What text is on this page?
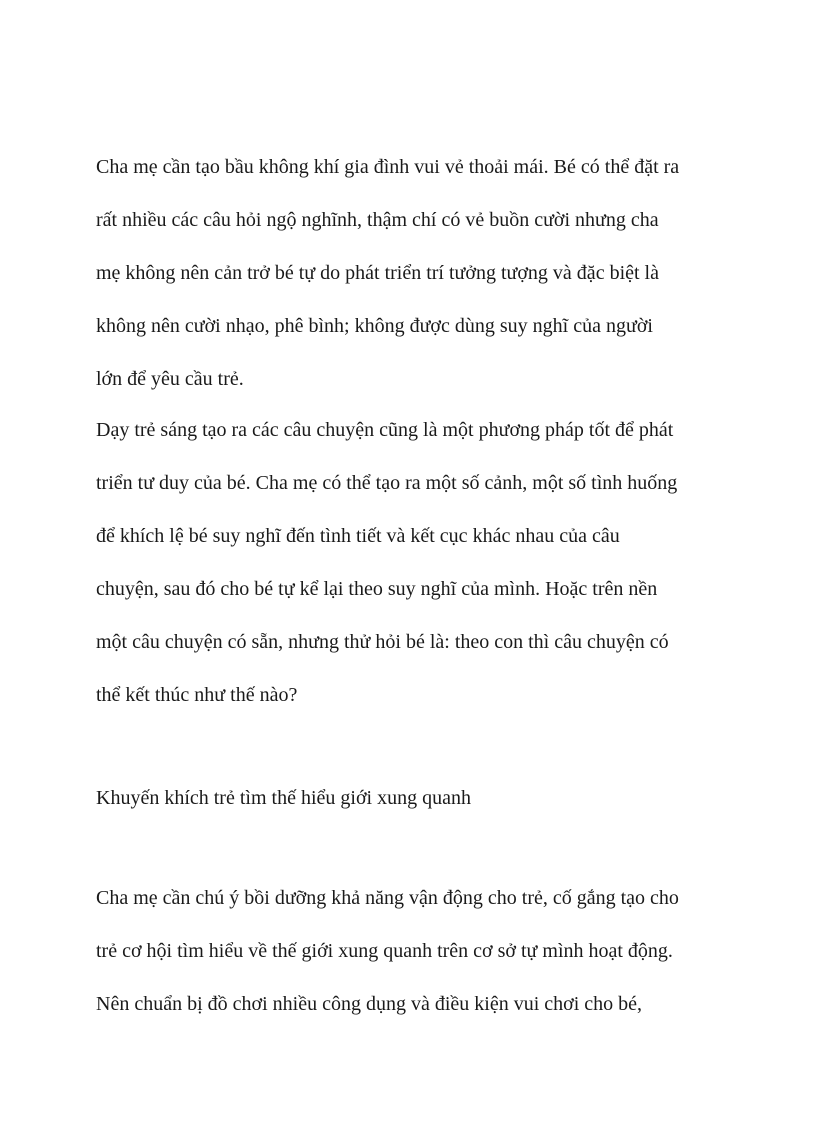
Cha mẹ cần tạo bầu không khí gia đình vui vẻ thoải mái. Bé có thể đặt ra

rất nhiều các câu hỏi ngộ nghĩnh, thậm chí có vẻ buồn cười nhưng cha

mẹ không nên cản trở bé tự do phát triển trí tưởng tượng và đặc biệt là

không nên cười nhạo, phê bình; không được dùng suy nghĩ của người

lớn để yêu cầu trẻ.

Dạy trẻ sáng tạo ra các câu chuyện cũng là một phương pháp tốt để phát

triển tư duy của bé. Cha mẹ có thể tạo ra một số cảnh, một số tình huống

để khích lệ bé suy nghĩ đến tình tiết và kết cục khác nhau của câu

chuyện, sau đó cho bé tự kể lại theo suy nghĩ của mình. Hoặc trên nền

một câu chuyện có sẵn, nhưng thử hỏi bé là: theo con thì câu chuyện có

thể kết thúc như thế nào?

Khuyến khích trẻ tìm thế hiểu giới xung quanh

Cha mẹ cần chú ý bồi dưỡng khả năng vận động cho trẻ, cố gắng tạo cho

trẻ cơ hội tìm hiểu về thế giới xung quanh trên cơ sở tự mình hoạt động.

Nên chuẩn bị đồ chơi nhiều công dụng và điều kiện vui chơi cho bé,
